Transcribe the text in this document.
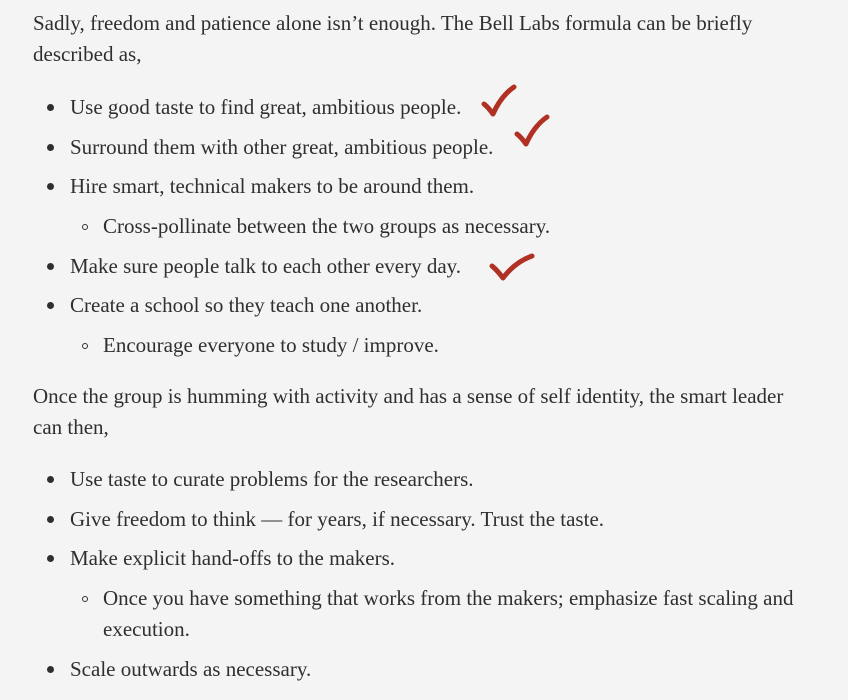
Sadly, freedom and patience alone isn’t enough. The Bell Labs formula can be briefly described as,

Use good taste to find great, ambitious people.

Surround them with other great, ambitious people.

Hire smart, technical makers to be around them.

Cross-pollinate between the two groups as necessary.

Make sure people talk to each other every day.

Create a school so they teach one another.

Encourage everyone to study / improve.

Once the group is humming with activity and has a sense of self identity, the smart leader can then,

Use taste to curate problems for the researchers.

Give freedom to think — for years, if necessary. Trust the taste.

Make explicit hand-offs to the makers.

Once you have something that works from the makers; emphasize fast scaling and execution.

Scale outwards as necessary.
